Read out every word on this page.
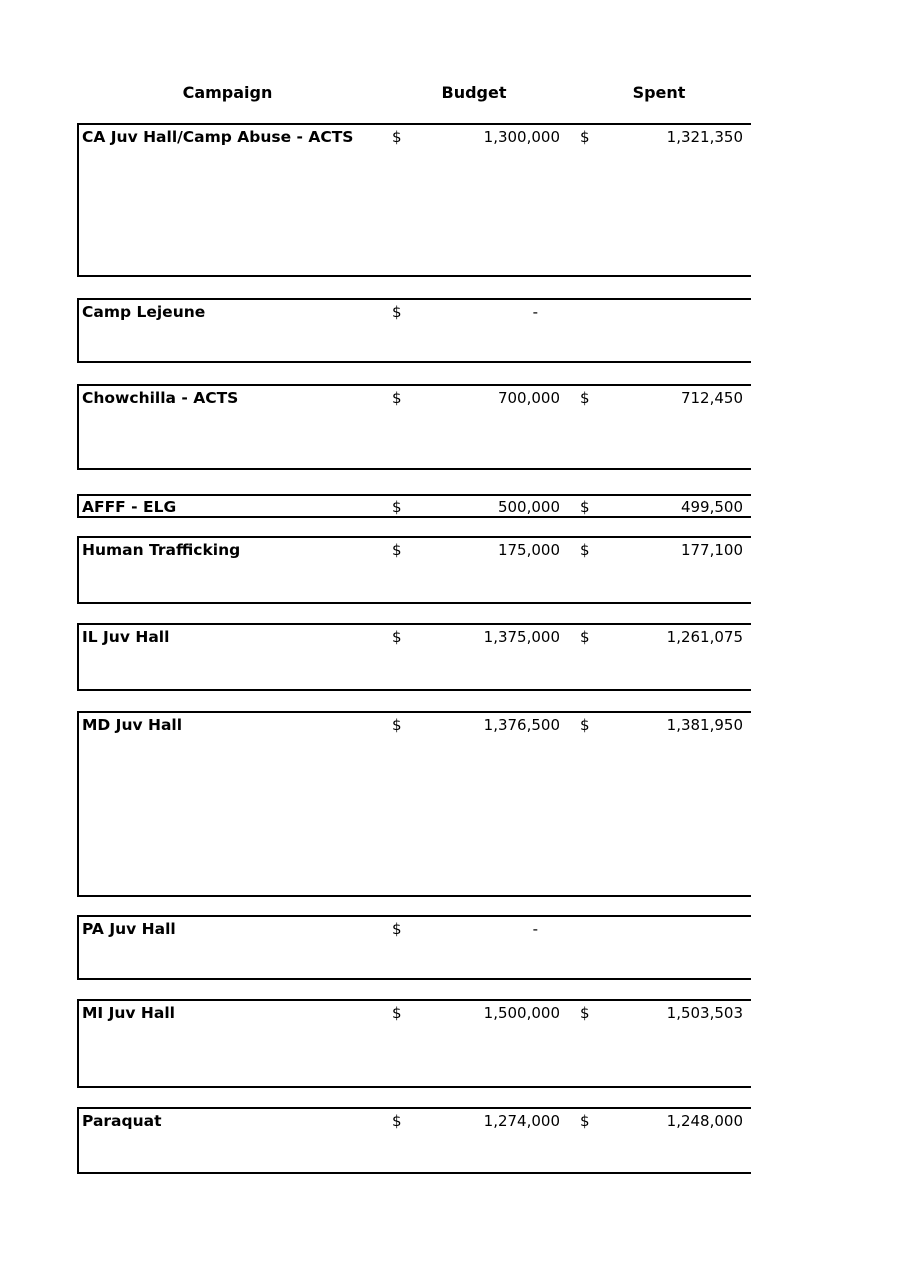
Campaign	Budget	Spent
CA Juv Hall/Camp Abuse - ACTS	$	1,300,000 $	1,321,350
Camp Lejeune	$	-
Chowchilla - ACTS	$	700,000 $	712,450
AFFF - ELG	$	500,000 $	499,500
Human Trafficking	$	175,000 $	177,100
IL Juv Hall	$	1,375,000 $	1,261,075
MD Juv Hall	$	1,376,500 $	1,381,950
PA Juv Hall	$	-
MI Juv Hall	$	1,500,000 $	1,503,503
Paraquat	$	1,274,000 $	1,248,000
